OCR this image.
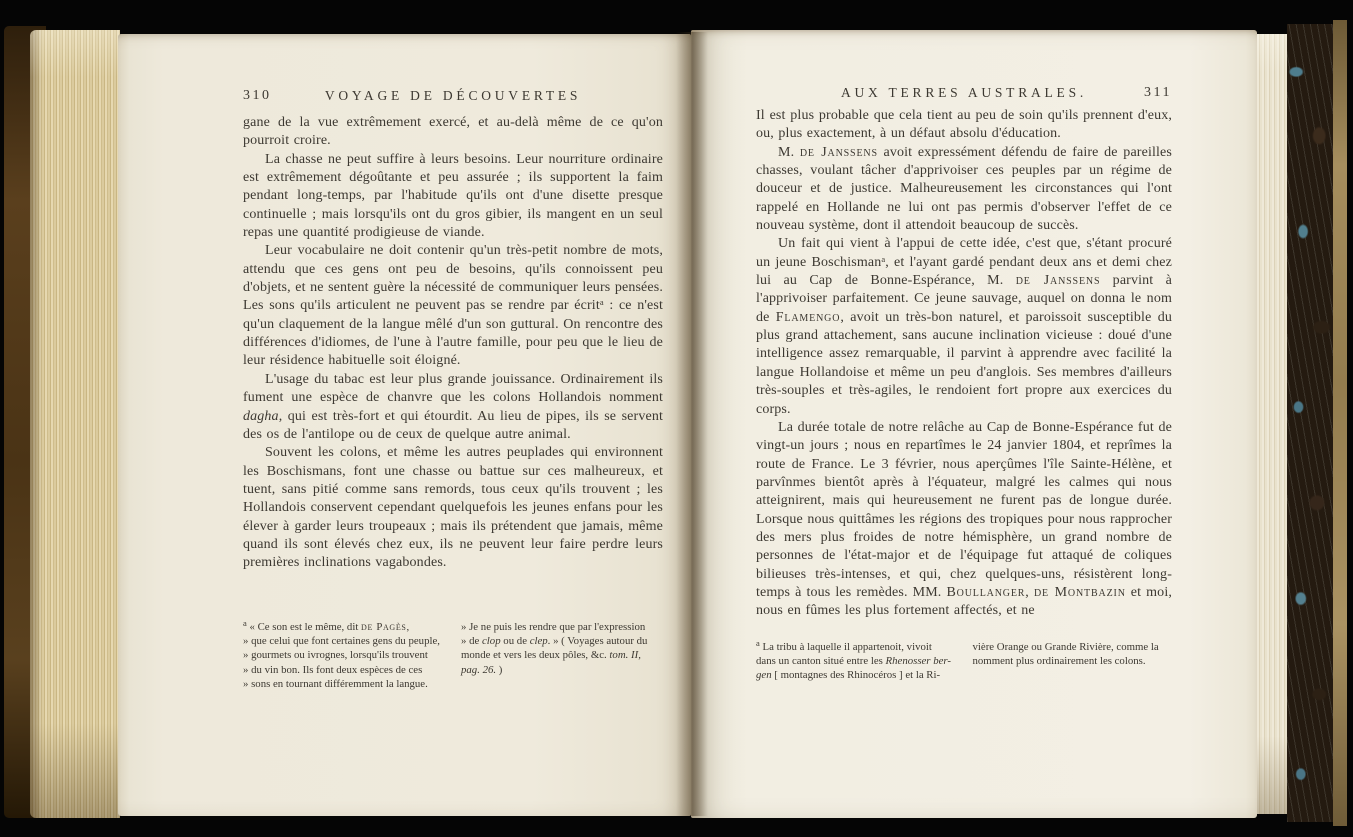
310	VOYAGE DE DÉCOUVERTES

gane de la vue extrêmement exercé, et au-delà même de ce qu'on pourroit croire.

La chasse ne peut suffire à leurs besoins. Leur nourriture ordinaire est extrêmement dégoûtante et peu assurée ; ils supportent la faim pendant long-temps, par l'habitude qu'ils ont d'une disette presque continuelle ; mais lorsqu'ils ont du gros gibier, ils mangent en un seul repas une quantité prodigieuse de viande.

Leur vocabulaire ne doit contenir qu'un très-petit nombre de mots, attendu que ces gens ont peu de besoins, qu'ils connoissent peu d'objets, et ne sentent guère la nécessité de communiquer leurs pensées. Les sons qu'ils articulent ne peuvent pas se rendre par écrit$^a$ : ce n'est qu'un claquement de la langue mêlé d'un son guttural. On rencontre des différences d'idiomes, de l'une à l'autre famille, pour peu que le lieu de leur résidence habituelle soit éloigné.

L'usage du tabac est leur plus grande jouissance. Ordinairement ils fument une espèce de chanvre que les colons Hollandois nomment dagha, qui est très-fort et qui étourdit. Au lieu de pipes, ils se servent des os de l'antilope ou de ceux de quelque autre animal.

Souvent les colons, et même les autres peuplades qui environnent les Boschismans, font une chasse ou battue sur ces malheureux, et tuent, sans pitié comme sans remords, tous ceux qu'ils trouvent ; les Hollandois conservent cependant quelquefois les jeunes enfans pour les élever à garder leurs troupeaux ; mais ils prétendent que jamais, même quand ils sont élevés chez eux, ils ne peuvent leur faire perdre leurs premières inclinations vagabondes.

$^a$ « Ce son est le même, dit de Pagès,
» que celui que font certaines gens du peuple,
» gourmets ou ivrognes, lorsqu'ils trouvent
» du vin bon. Ils font deux espèces de ces
» sons en tournant différemment la langue.
» Je ne puis les rendre que par l'expression
» de clop ou de clep. » ( Voyages autour du
monde et vers les deux pôles, &c. tom. II,
pag. 26. )
AUX TERRES AUSTRALES.	311

Il est plus probable que cela tient au peu de soin qu'ils prennent d'eux, ou, plus exactement, à un défaut absolu d'éducation.

M. de Janssens avoit expressément défendu de faire de pareilles chasses, voulant tâcher d'apprivoiser ces peuples par un régime de douceur et de justice. Malheureusement les circonstances qui l'ont rappelé en Hollande ne lui ont pas permis d'observer l'effet de ce nouveau système, dont il attendoit beaucoup de succès.

Un fait qui vient à l'appui de cette idée, c'est que, s'étant procuré un jeune Boschisman$^a$, et l'ayant gardé pendant deux ans et demi chez lui au Cap de Bonne-Espérance, M. de Janssens parvint à l'apprivoiser parfaitement. Ce jeune sauvage, auquel on donna le nom de Flamengo, avoit un très-bon naturel, et paroissoit susceptible du plus grand attachement, sans aucune inclination vicieuse : doué d'une intelligence assez remarquable, il parvint à apprendre avec facilité la langue Hollandoise et même un peu d'anglois. Ses membres d'ailleurs très-souples et très-agiles, le rendoient fort propre aux exercices du corps.

La durée totale de notre relâche au Cap de Bonne-Espérance fut de vingt-un jours ; nous en repartîmes le 24 janvier 1804, et reprîmes la route de France. Le 3 février, nous aperçûmes l'île Sainte-Hélène, et parvînmes bientôt après à l'équateur, malgré les calmes qui nous atteignirent, mais qui heureusement ne furent pas de longue durée. Lorsque nous quittâmes les régions des tropiques pour nous rapprocher des mers plus froides de notre hémisphère, un grand nombre de personnes de l'état-major et de l'équipage fut attaqué de coliques bilieuses très-intenses, et qui, chez quelques-uns, résistèrent long-temps à tous les remèdes. MM. Boullanger, de Montbazin et moi, nous en fûmes les plus fortement affectés, et ne

$^a$ La tribu à laquelle il appartenoit, vivoit
dans un canton situé entre les Rhenosser ber-
gen [ montagnes des Rhinocéros ] et la Ri-
vière Orange ou Grande Rivière, comme la
nomment plus ordinairement les colons.
